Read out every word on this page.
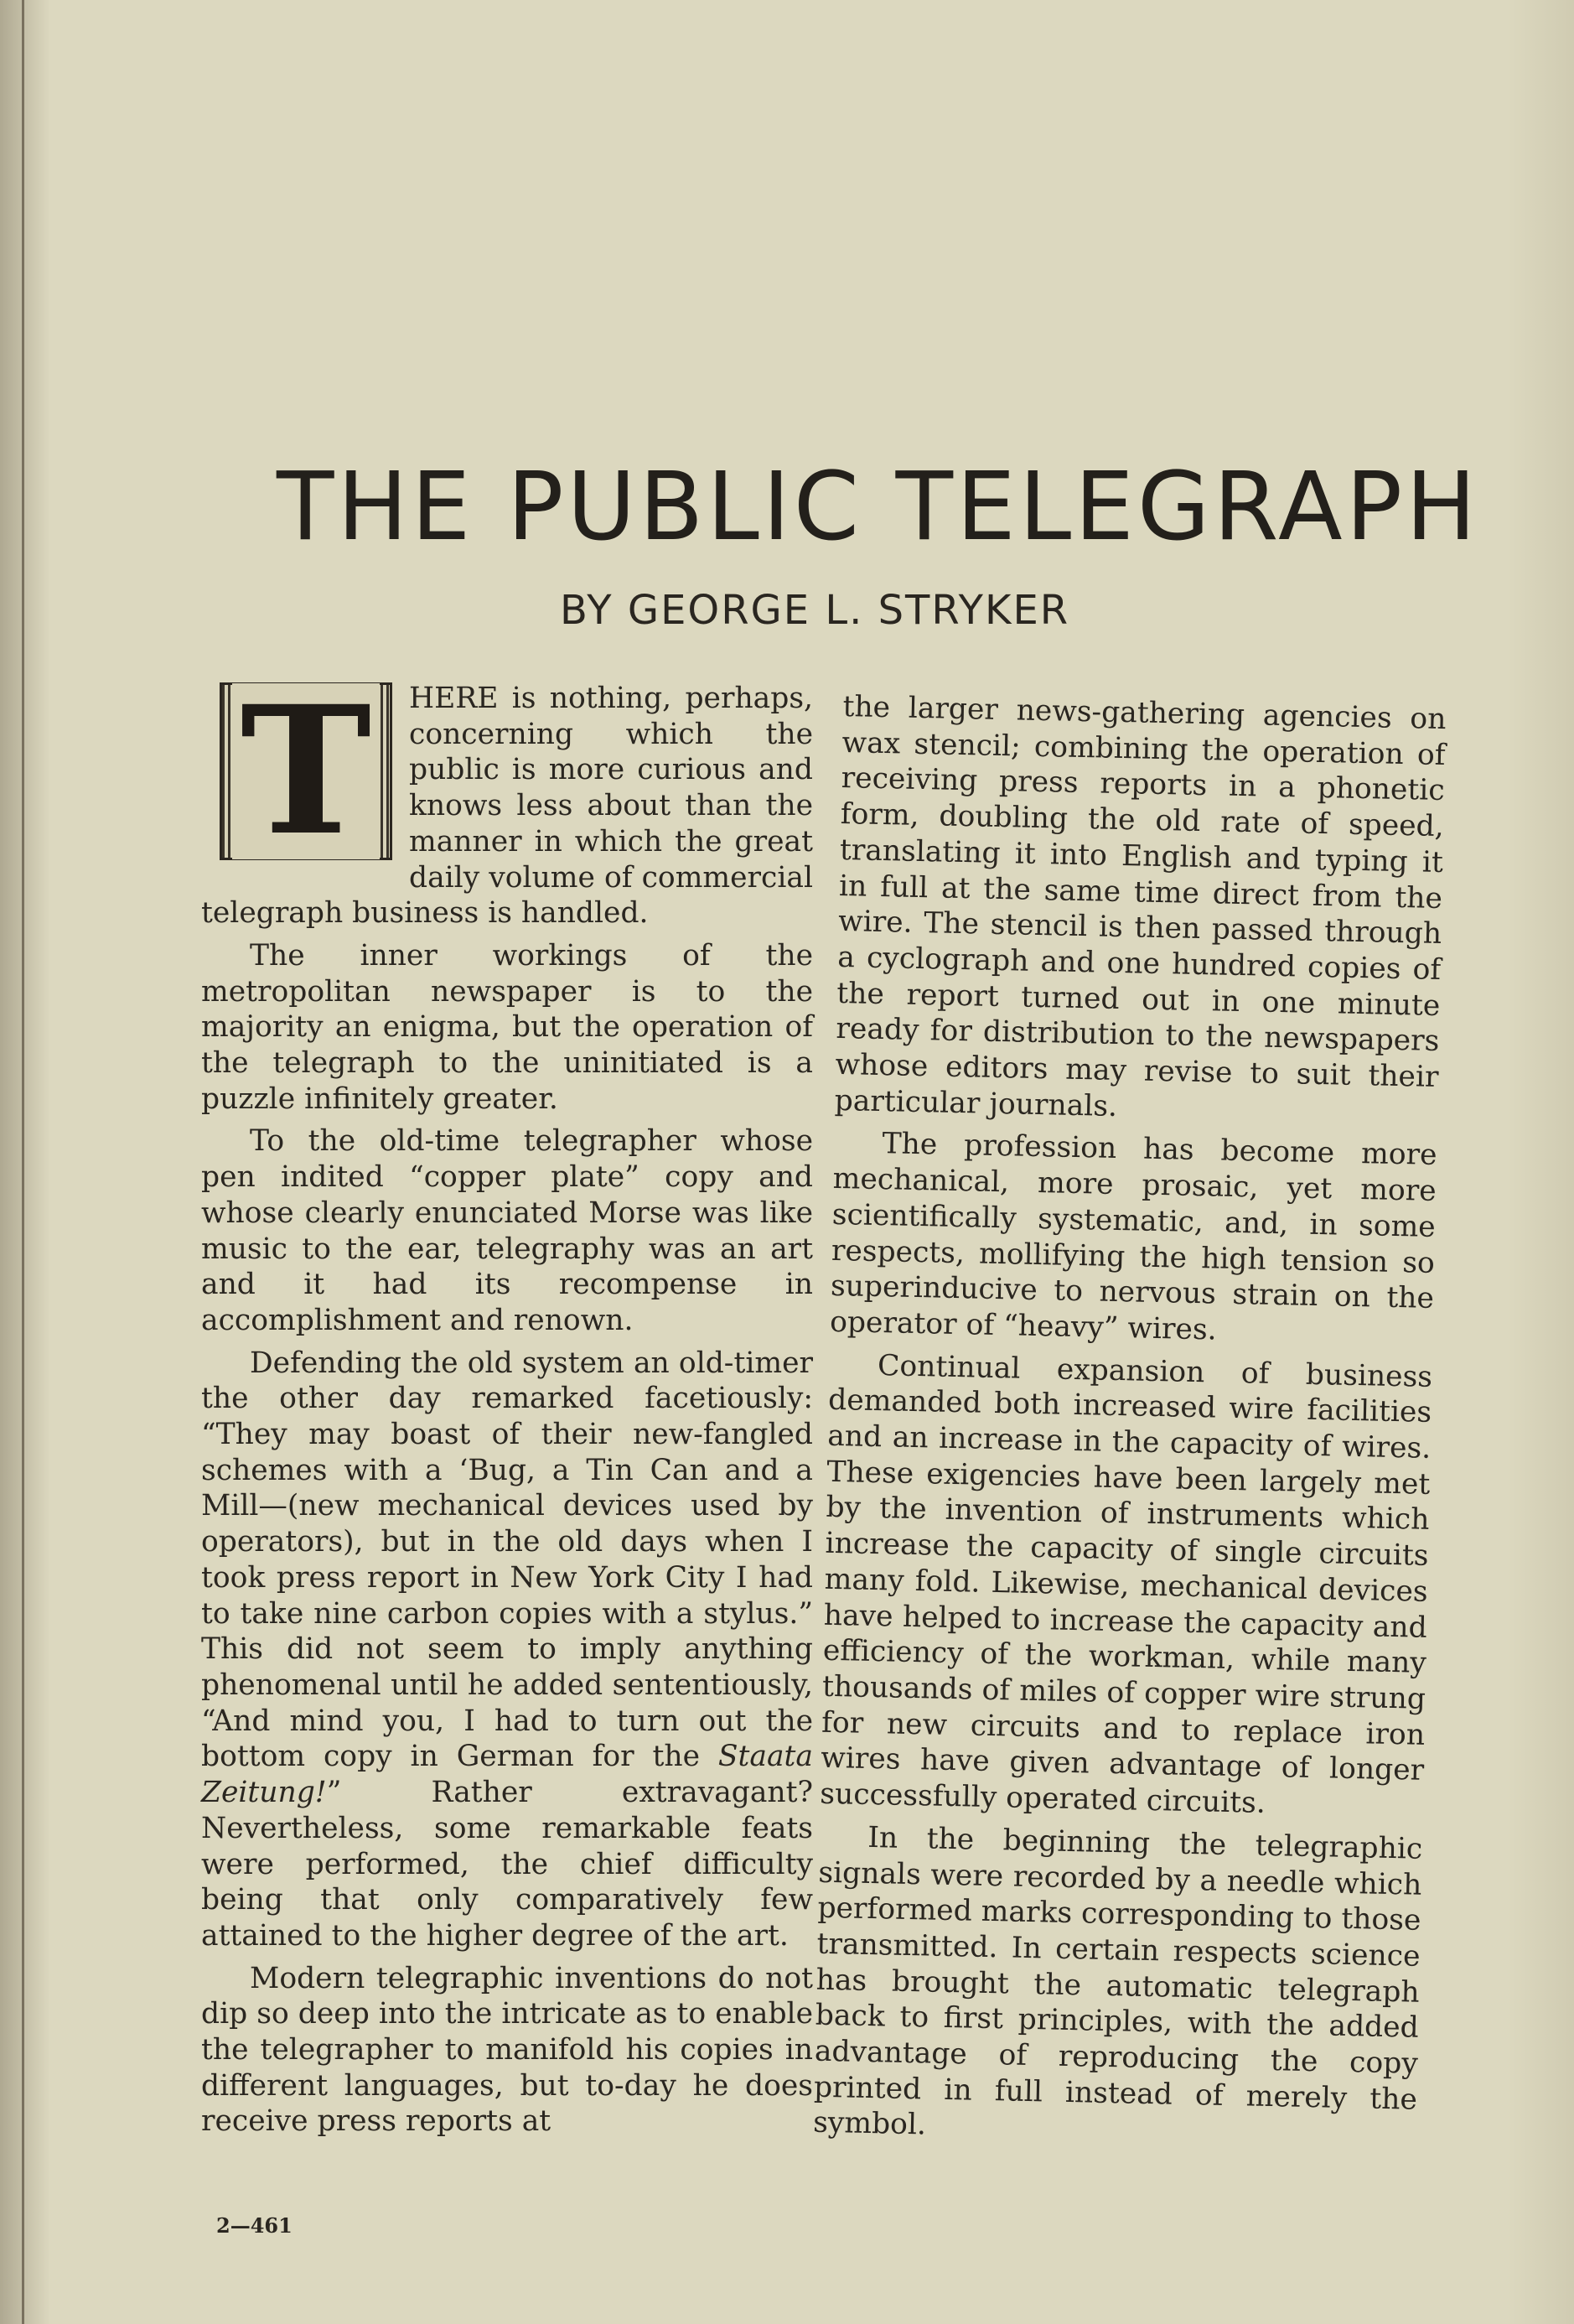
THE PUBLIC TELEGRAPH
BY GEORGE L. STRYKER

T HERE is nothing, perhaps, concerning which the public is more curious and knows less about than the manner in which the great daily volume of commercial telegraph business is handled.

The inner workings of the metropolitan newspaper is to the majority an enigma, but the operation of the telegraph to the uninitiated is a puzzle infinitely greater.

To the old-time telegrapher whose pen indited “copper plate” copy and whose clearly enunciated Morse was like music to the ear, telegraphy was an art and it had its recompense in accomplishment and renown.

Defending the old system an old-timer the other day remarked facetiously: “They may boast of their new-fangled schemes with a ‘Bug, a Tin Can and a Mill—(new mechanical devices used by operators), but in the old days when I took press report in New York City I had to take nine carbon copies with a stylus.” This did not seem to imply anything phenomenal until he added sententiously, “And mind you, I had to turn out the bottom copy in German for the Staata Zeitung!” Rather extravagant? Nevertheless, some remarkable feats were performed, the chief difficulty being that only comparatively few attained to the higher degree of the art.

Modern telegraphic inventions do not dip so deep into the intricate as to enable the telegrapher to manifold his copies in different languages, but to-day he does receive press reports at

the larger news-gathering agencies on wax stencil; combining the operation of receiving press reports in a phonetic form, doubling the old rate of speed, translating it into English and typing it in full at the same time direct from the wire. The stencil is then passed through a cyclograph and one hundred copies of the report turned out in one minute ready for distribution to the newspapers whose editors may revise to suit their particular journals.

The profession has become more mechanical, more prosaic, yet more scientifically systematic, and, in some respects, mollifying the high tension so superinducive to nervous strain on the operator of “heavy” wires.

Continual expansion of business demanded both increased wire facilities and an increase in the capacity of wires. These exigencies have been largely met by the invention of instruments which increase the capacity of single circuits many fold. Likewise, mechanical devices have helped to increase the capacity and efficiency of the workman, while many thousands of miles of copper wire strung for new circuits and to replace iron wires have given advantage of longer successfully operated circuits.

In the beginning the telegraphic signals were recorded by a needle which performed marks corresponding to those transmitted. In certain respects science has brought the automatic telegraph back to first principles, with the added advantage of reproducing the copy printed in full instead of merely the symbol.

2—461
